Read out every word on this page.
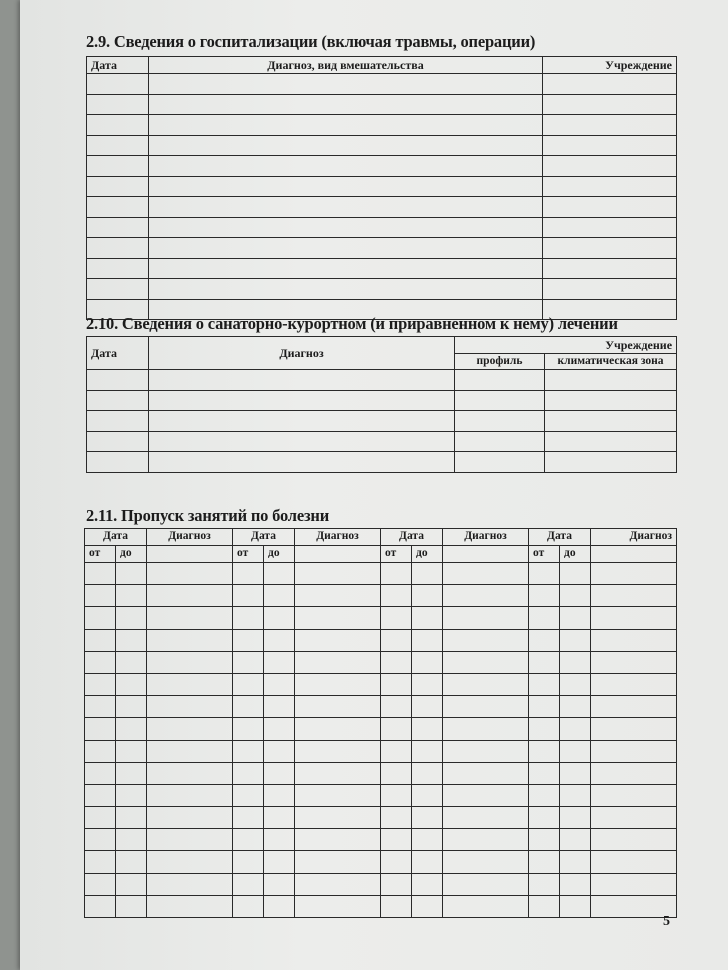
2.9. Сведения о госпитализации (включая травмы, операции)
Дата	Диагноз, вид вмешательства	Учреждение

2.10. Сведения о санаторно-курортном (и приравненном к нему) лечении
Дата	Диагноз	Учреждение	
		профиль	климатическая зона

2.11. Пропуск занятий по болезни
Дата		Диагноз	Дата		Диагноз	Дата		Диагноз	Дата		Диагноз
от	до		от	до		от	до		от	до	

5
